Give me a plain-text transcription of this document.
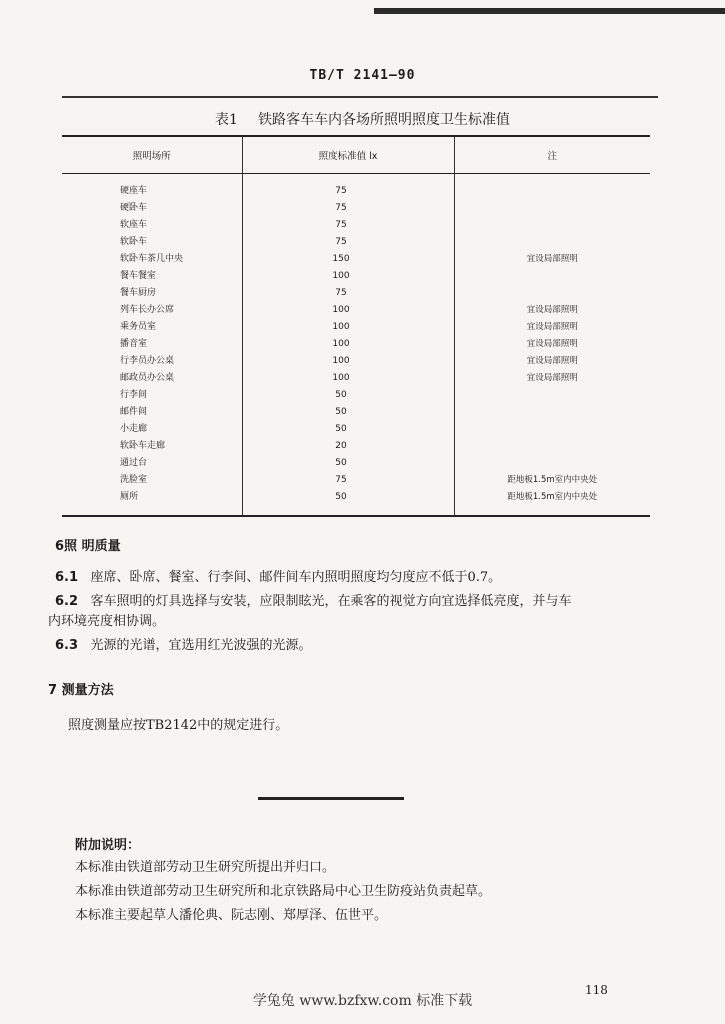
TB/T 2141—90
表1 铁路客车车内各场所照明照度卫生标准值
照明场所	照度标准值 lx	注
硬座车	75	
硬卧车	75	
软座车	75	
软卧车	75	
软卧车茶几中央	150	宜设局部照明
餐车餐室	100	
餐车厨房	75	
列车长办公席	100	宜设局部照明
乘务员室	100	宜设局部照明
播音室	100	宜设局部照明
行李员办公桌	100	宜设局部照明
邮政员办公桌	100	宜设局部照明
行李间	50	
邮件间	50	
小走廊	50	
软卧车走廊	20	
通过台	50	
洗脸室	75	距地板1.5m室内中央处
厕所	50	距地板1.5m室内中央处
6照 明质量
6.1 座席、卧席、餐室、行李间、邮件间车内照明照度均匀度应不低于0.7。
6.2 客车照明的灯具选择与安装，应限制眩光，在乘客的视觉方向宜选择低亮度，并与车
内环境亮度相协调。
6.3 光源的光谱，宜选用红光波强的光源。
7 测量方法
照度测量应按TB2142中的规定进行。
附加说明：
本标准由铁道部劳动卫生研究所提出并归口。
本标准由铁道部劳动卫生研究所和北京铁路局中心卫生防疫站负责起草。
本标准主要起草人潘伦典、阮志刚、郑厚泽、伍世平。
118
学兔兔 www.bzfxw.com 标准下载
